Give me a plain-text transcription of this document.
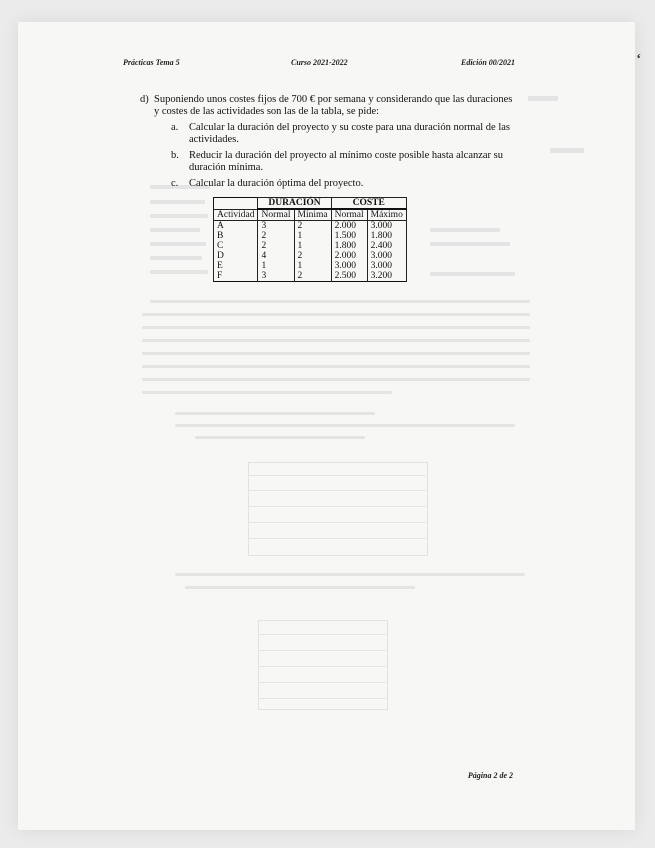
Prácticas Tema 5	Curso 2021-2022	Edición 00/2021	ʻ
d) Suponiendo unos costes fijos de 700 € por semana y considerando que las duraciones y costes de las actividades son las de la tabla, se pide:
a. Calcular la duración del proyecto y su coste para una duración normal de las actividades.
b. Reducir la duración del proyecto al mínimo coste posible hasta alcanzar su duración mínima.
c. Calcular la duración óptima del proyecto.
	DURACIÓN		COSTE	
Actividad	Normal	Mínima	Normal	Máximo
A	3	2	2.000	3.000
B	2	1	1.500	1.800
C	2	1	1.800	2.400
D	4	2	2.000	3.000
E	1	1	3.000	3.000
F	3	2	2.500	3.200
Página 2 de 2
